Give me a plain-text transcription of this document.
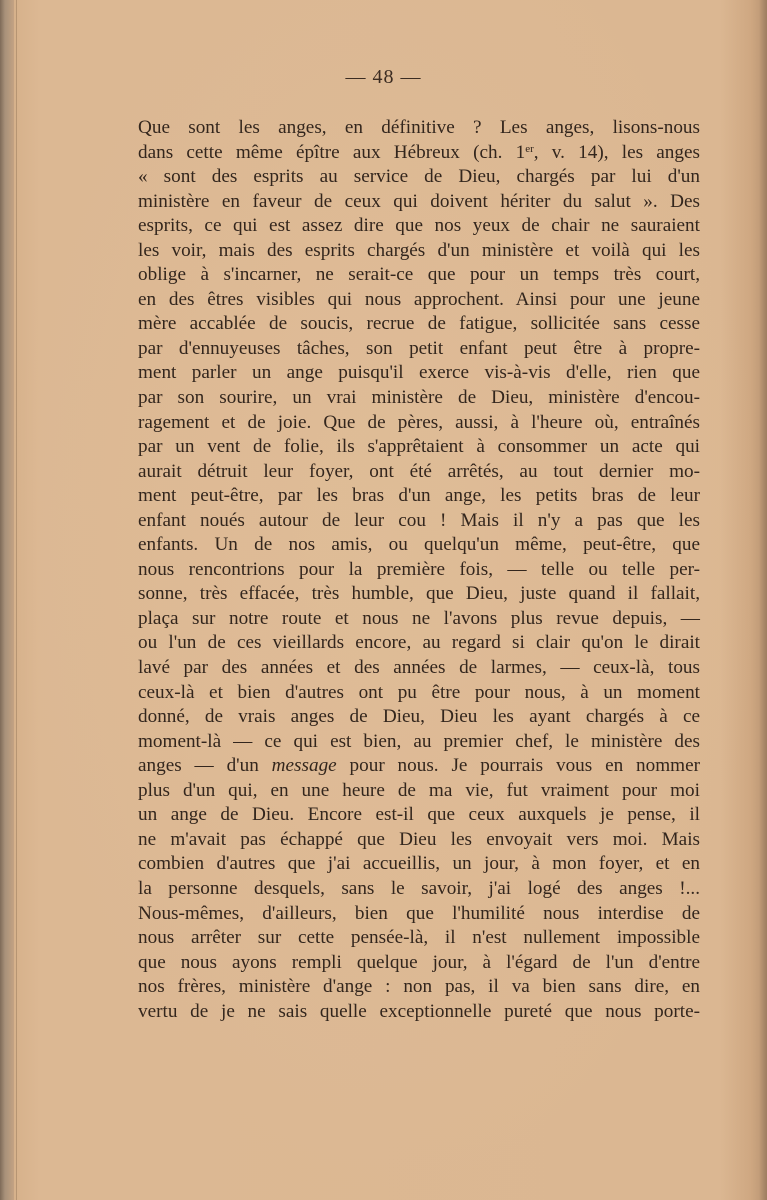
— 48 —
Que sont les anges, en définitive ? Les anges, lisons-nous
dans cette même épître aux Hébreux (ch. 1er, v. 14), les anges
« sont des esprits au service de Dieu, chargés par lui d'un
ministère en faveur de ceux qui doivent hériter du salut ». Des
esprits, ce qui est assez dire que nos yeux de chair ne sauraient
les voir, mais des esprits chargés d'un ministère et voilà qui les
oblige à s'incarner, ne serait-ce que pour un temps très court,
en des êtres visibles qui nous approchent. Ainsi pour une jeune
mère accablée de soucis, recrue de fatigue, sollicitée sans cesse
par d'ennuyeuses tâches, son petit enfant peut être à propre-
ment parler un ange puisqu'il exerce vis-à-vis d'elle, rien que
par son sourire, un vrai ministère de Dieu, ministère d'encou-
ragement et de joie. Que de pères, aussi, à l'heure où, entraînés
par un vent de folie, ils s'apprêtaient à consommer un acte qui
aurait détruit leur foyer, ont été arrêtés, au tout dernier mo-
ment peut-être, par les bras d'un ange, les petits bras de leur
enfant noués autour de leur cou ! Mais il n'y a pas que les
enfants. Un de nos amis, ou quelqu'un même, peut-être, que
nous rencontrions pour la première fois, — telle ou telle per-
sonne, très effacée, très humble, que Dieu, juste quand il fallait,
plaça sur notre route et nous ne l'avons plus revue depuis, —
ou l'un de ces vieillards encore, au regard si clair qu'on le dirait
lavé par des années et des années de larmes, — ceux-là, tous
ceux-là et bien d'autres ont pu être pour nous, à un moment
donné, de vrais anges de Dieu, Dieu les ayant chargés à ce
moment-là — ce qui est bien, au premier chef, le ministère des
anges — d'un message pour nous. Je pourrais vous en nommer
plus d'un qui, en une heure de ma vie, fut vraiment pour moi
un ange de Dieu. Encore est-il que ceux auxquels je pense, il
ne m'avait pas échappé que Dieu les envoyait vers moi. Mais
combien d'autres que j'ai accueillis, un jour, à mon foyer, et en
la personne desquels, sans le savoir, j'ai logé des anges !...
Nous-mêmes, d'ailleurs, bien que l'humilité nous interdise de
nous arrêter sur cette pensée-là, il n'est nullement impossible
que nous ayons rempli quelque jour, à l'égard de l'un d'entre
nos frères, ministère d'ange : non pas, il va bien sans dire, en
vertu de je ne sais quelle exceptionnelle pureté que nous porte-
